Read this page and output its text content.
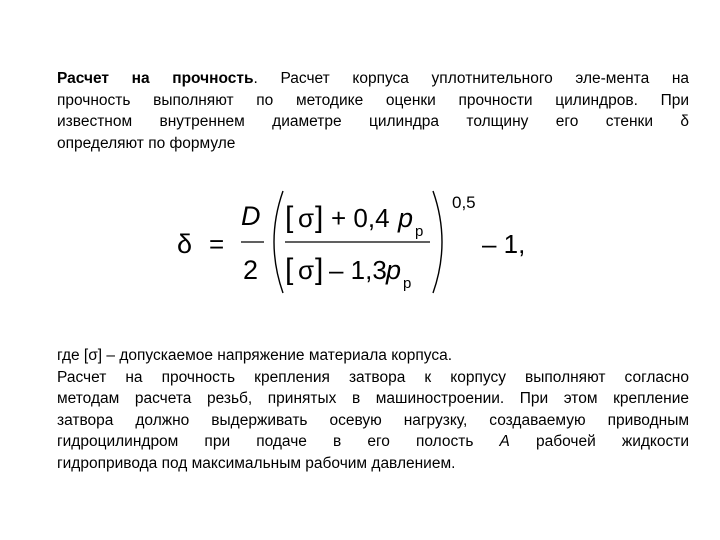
Расчет на прочность. Расчет корпуса уплотнительного эле-мента на
прочность выполняют по методике оценки прочности цилиндров. При
известном внутреннем диаметре цилиндра толщину его стенки δ
определяют по формуле
δ =
D
2
[ σ ] + 0,4 p р
[ σ ] – 1,3 p р
0,5
– 1,
где [σ] – допускаемое напряжение материала корпуса.
Расчет на прочность крепления затвора к корпусу выполняют согласно
методам расчета резьб, принятых в машиностроении. При этом крепление
затвора должно выдерживать осевую нагрузку, создаваемую приводным
гидроцилиндром при подаче в его полость А рабочей жидкости
гидропривода под максимальным рабочим давлением.
